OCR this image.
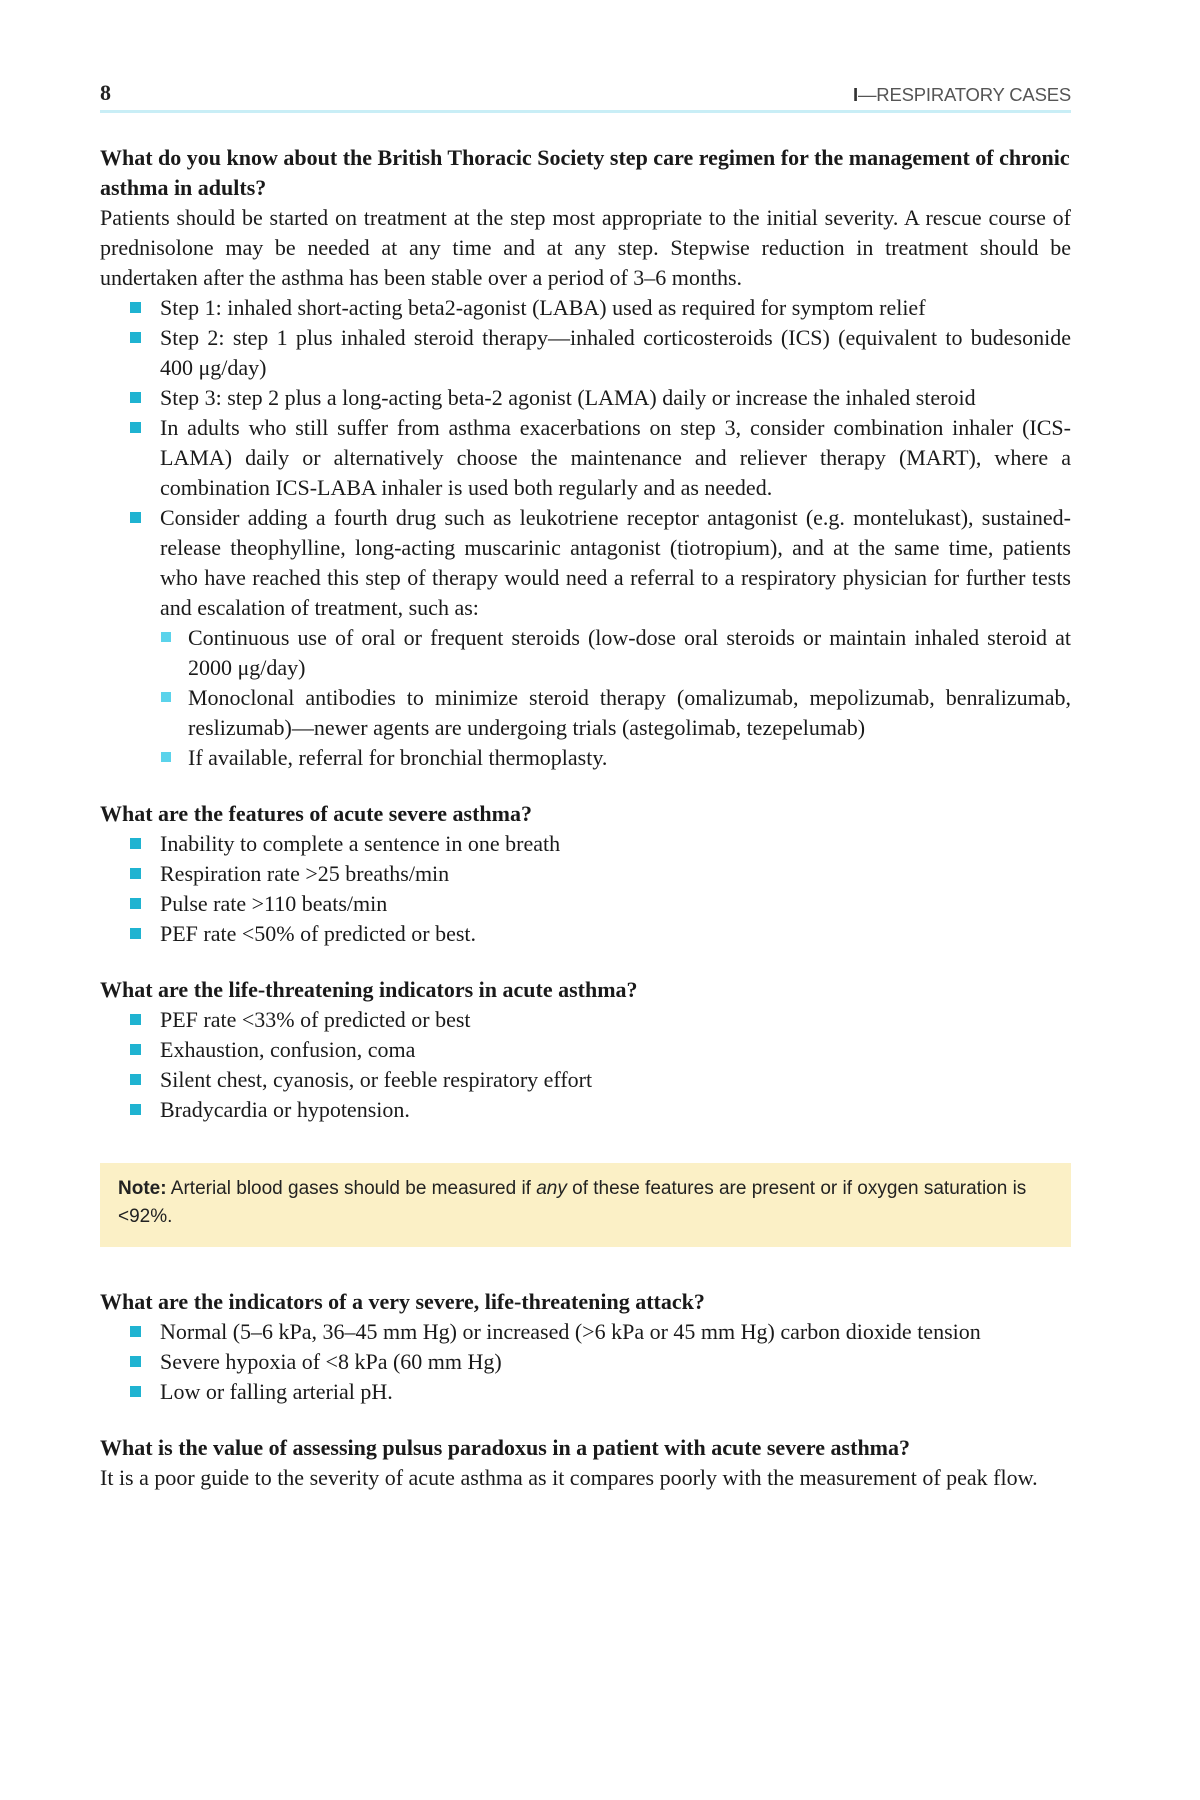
8	I—RESPIRATORY CASES

What do you know about the British Thoracic Society step care regimen for the management of chronic asthma in adults?

Patients should be started on treatment at the step most appropriate to the initial severity. A rescue course of prednisolone may be needed at any time and at any step. Stepwise reduction in treatment should be undertaken after the asthma has been stable over a period of 3–6 months.

Step 1: inhaled short-acting beta2-agonist (LABA) used as required for symptom relief
Step 2: step 1 plus inhaled steroid therapy—inhaled corticosteroids (ICS) (equivalent to budesonide 400 μg/day)
Step 3: step 2 plus a long-acting beta-2 agonist (LAMA) daily or increase the inhaled steroid
In adults who still suffer from asthma exacerbations on step 3, consider combination inhaler (ICS-LAMA) daily or alternatively choose the maintenance and reliever therapy (MART), where a combination ICS-LABA inhaler is used both regularly and as needed.
Consider adding a fourth drug such as leukotriene receptor antagonist (e.g. montelukast), sustained-release theophylline, long-acting muscarinic antagonist (tiotropium), and at the same time, patients who have reached this step of therapy would need a referral to a respiratory physician for further tests and escalation of treatment, such as:
Continuous use of oral or frequent steroids (low-dose oral steroids or maintain inhaled steroid at 2000 μg/day)
Monoclonal antibodies to minimize steroid therapy (omalizumab, mepolizumab, benralizumab, reslizumab)—newer agents are undergoing trials (astegolimab, tezepelumab)
If available, referral for bronchial thermoplasty.

What are the features of acute severe asthma?

Inability to complete a sentence in one breath
Respiration rate >25 breaths/min
Pulse rate >110 beats/min
PEF rate <50% of predicted or best.

What are the life-threatening indicators in acute asthma?

PEF rate <33% of predicted or best
Exhaustion, confusion, coma
Silent chest, cyanosis, or feeble respiratory effort
Bradycardia or hypotension.
Note: Arterial blood gases should be measured if any of these features are present or if oxygen saturation is <92%.

What are the indicators of a very severe, life-threatening attack?

Normal (5–6 kPa, 36–45 mm Hg) or increased (>6 kPa or 45 mm Hg) carbon dioxide tension
Severe hypoxia of <8 kPa (60 mm Hg)
Low or falling arterial pH.

What is the value of assessing pulsus paradoxus in a patient with acute severe asthma?

It is a poor guide to the severity of acute asthma as it compares poorly with the measurement of peak flow.
